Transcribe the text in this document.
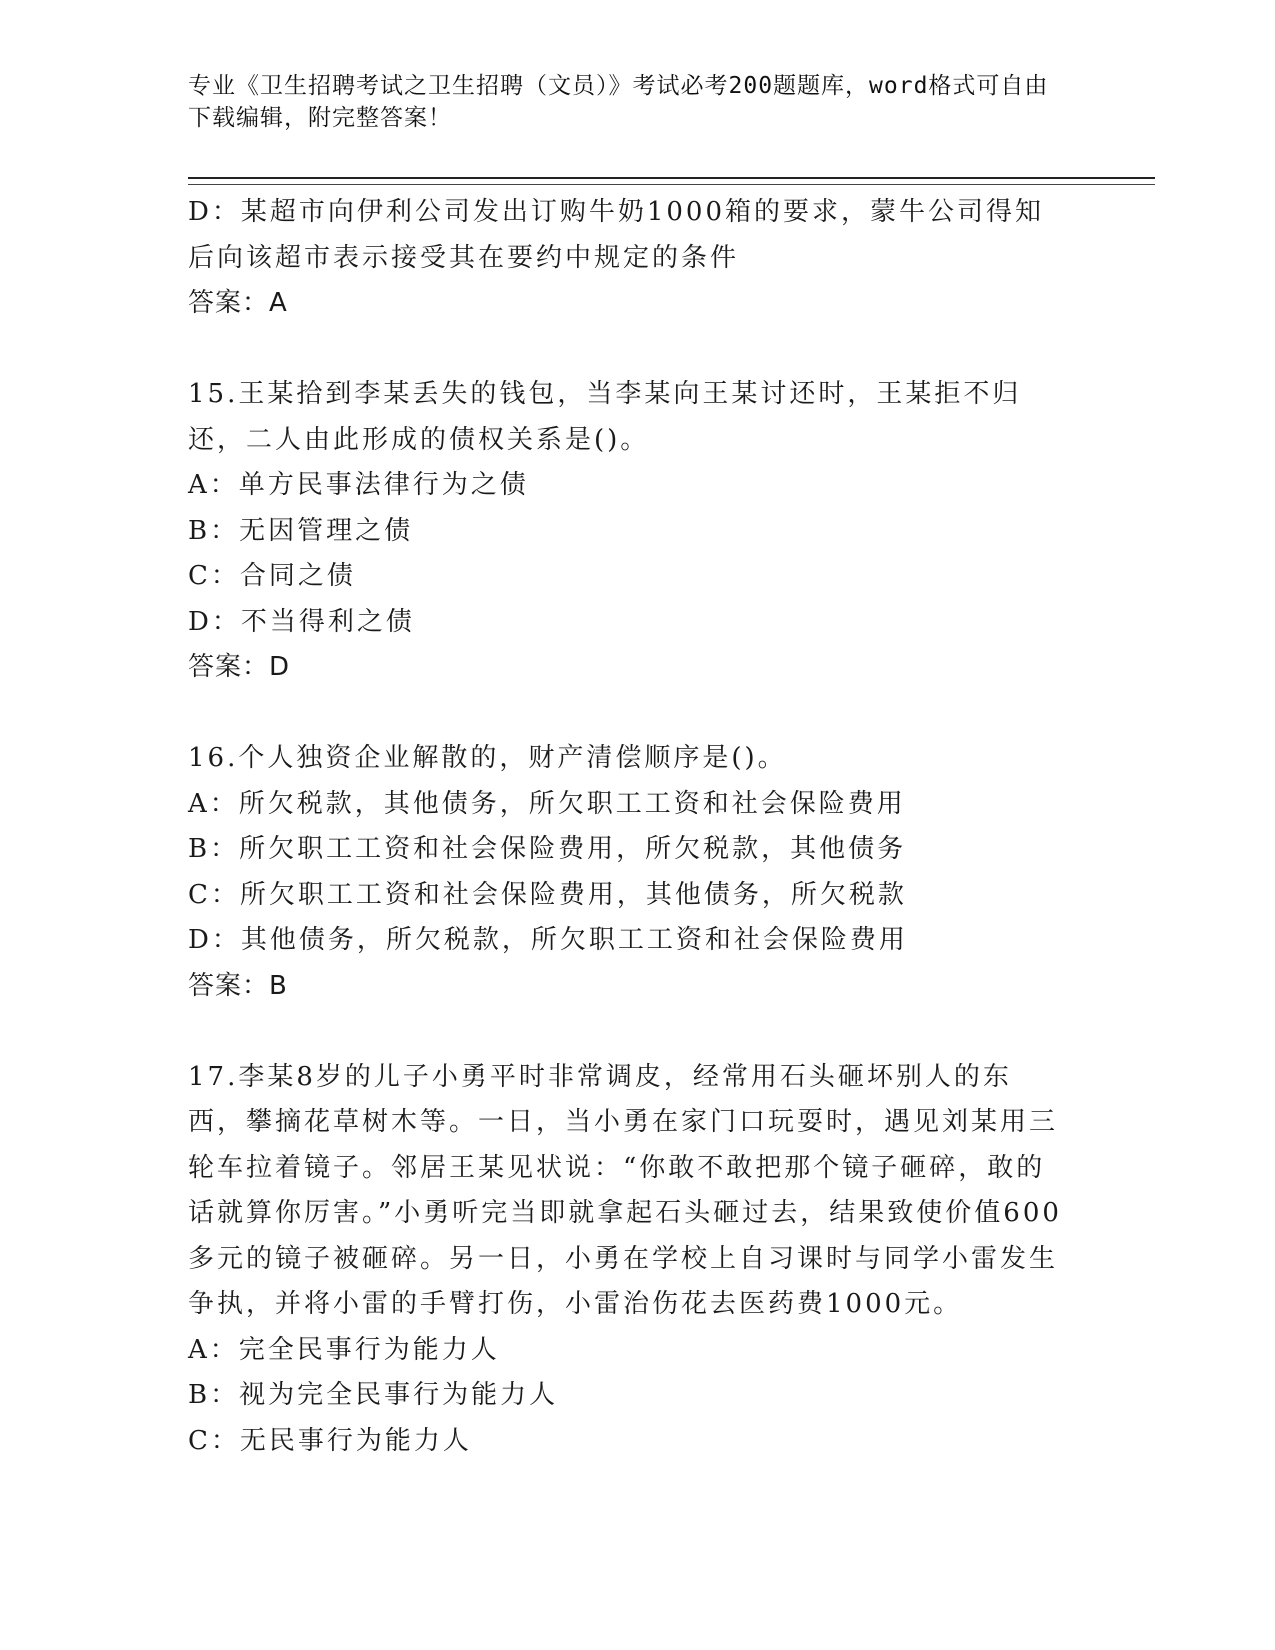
专业《卫生招聘考试之卫生招聘（文员）》考试必考200题题库，word格式可自由下载编辑，附完整答案！
D：某超市向伊利公司发出订购牛奶1000箱的要求，蒙牛公司得知后向该超市表示接受其在要约中规定的条件
答案：A
15.王某拾到李某丢失的钱包，当李某向王某讨还时，王某拒不归还，二人由此形成的债权关系是()。
A：单方民事法律行为之债
B：无因管理之债
C：合同之债
D：不当得利之债
答案：D
16.个人独资企业解散的，财产清偿顺序是()。
A：所欠税款，其他债务，所欠职工工资和社会保险费用
B：所欠职工工资和社会保险费用，所欠税款，其他债务
C：所欠职工工资和社会保险费用，其他债务，所欠税款
D：其他债务，所欠税款，所欠职工工资和社会保险费用
答案：B
17.李某8岁的儿子小勇平时非常调皮，经常用石头砸坏别人的东西，攀摘花草树木等。一日，当小勇在家门口玩耍时，遇见刘某用三轮车拉着镜子。邻居王某见状说：“你敢不敢把那个镜子砸碎，敢的话就算你厉害。”小勇听完当即就拿起石头砸过去，结果致使价值600多元的镜子被砸碎。另一日，小勇在学校上自习课时与同学小雷发生争执，并将小雷的手臂打伤，小雷治伤花去医药费1000元。
A：完全民事行为能力人
B：视为完全民事行为能力人
C：无民事行为能力人
